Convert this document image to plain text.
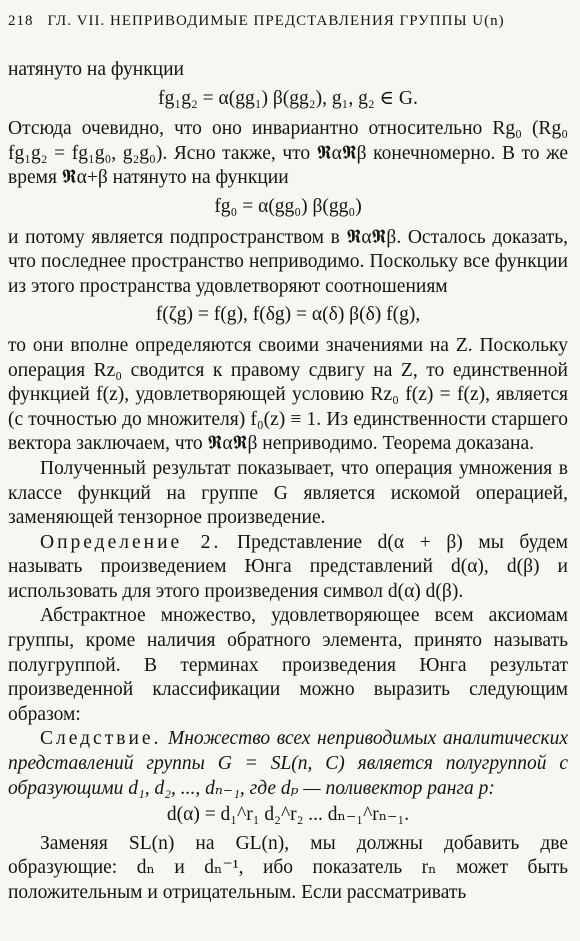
218 ГЛ. VII. НЕПРИВОДИМЫЕ ПРЕДСТАВЛЕНИЯ ГРУППЫ U(n)

натянуто на функции

fg₁g₂ = α(gg₁) β(gg₂), g₁, g₂ ∈ G.

Отсюда очевидно, что оно инвариантно относительно Rg₀ (Rg₀ fg₁g₂ = fg₁g₀, g₂g₀). Ясно также, что 𝕽α𝕽β конечномерно. В то же время 𝕽α+β натянуто на функции

fg₀ = α(gg₀) β(gg₀)

и потому является подпространством в 𝕽α𝕽β. Осталось доказать, что последнее пространство неприводимо. Поскольку все функции из этого пространства удовлетворяют соотношениям

f(ζg) = f(g), f(δg) = α(δ) β(δ) f(g),

то они вполне определяются своими значениями на Z. Поскольку операция Rz₀ сводится к правому сдвигу на Z, то единственной функцией f(z), удовлетворяющей условию Rz₀ f(z) = f(z), является (с точностью до множителя) f₀(z) ≡ 1. Из единственности старшего вектора заключаем, что 𝕽α𝕽β неприводимо. Теорема доказана.

Полученный результат показывает, что операция умножения в классе функций на группе G является искомой операцией, заменяющей тензорное произведение.

Определение 2. Представление d(α + β) мы будем называть произведением Юнга представлений d(α), d(β) и использовать для этого произведения символ d(α) d(β).

Абстрактное множество, удовлетворяющее всем аксиомам группы, кроме наличия обратного элемента, принято называть полугруппой. В терминах произведения Юнга результат произведенной классификации можно выразить следующим образом:

Следствие. Множество всех неприводимых аналитических представлений группы G = SL(n, C) является полугруппой с образующими d₁, d₂, ..., dₙ₋₁, где dₚ — поливектор ранга p:

d(α) = d₁^r₁ d₂^r₂ ... dₙ₋₁^rₙ₋₁.

Заменяя SL(n) на GL(n), мы должны добавить две образующие: dₙ и dₙ⁻¹, ибо показатель rₙ может быть положительным и отрицательным. Если рассматривать
